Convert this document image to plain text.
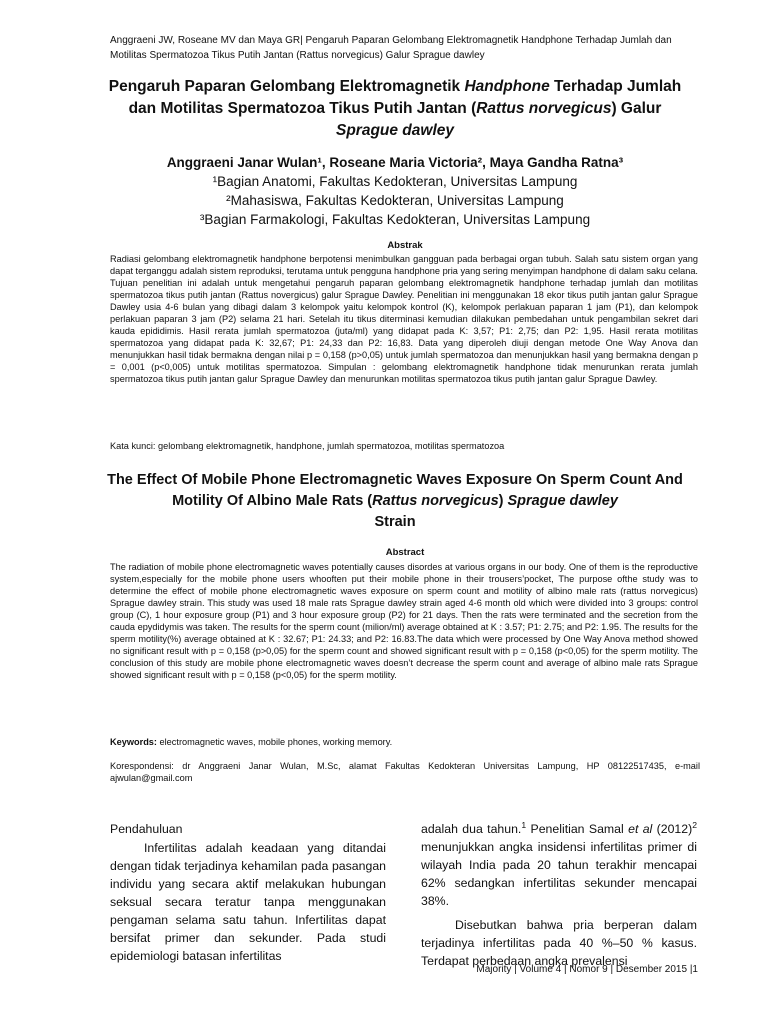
Anggraeni JW, Roseane MV dan Maya GR| Pengaruh Paparan Gelombang Elektromagnetik Handphone Terhadap Jumlah dan Motilitas Spermatozoa Tikus Putih Jantan (Rattus norvegicus) Galur Sprague dawley
Pengaruh Paparan Gelombang Elektromagnetik Handphone Terhadap Jumlah dan Motilitas Spermatozoa Tikus Putih Jantan (Rattus norvegicus) Galur
Sprague dawley
Anggraeni Janar Wulan¹, Roseane Maria Victoria², Maya Gandha Ratna³
¹Bagian Anatomi, Fakultas Kedokteran, Universitas Lampung
²Mahasiswa, Fakultas Kedokteran, Universitas Lampung
³Bagian Farmakologi, Fakultas Kedokteran, Universitas Lampung
Abstrak
Radiasi gelombang elektromagnetik handphone berpotensi menimbulkan gangguan pada berbagai organ tubuh. Salah satu sistem organ yang dapat terganggu adalah sistem reproduksi, terutama untuk pengguna handphone pria yang sering menyimpan handphone di dalam saku celana. Tujuan penelitian ini adalah untuk mengetahui pengaruh paparan gelombang elektromagnetik handphone terhadap jumlah dan motilitas spermatozoa tikus putih jantan (Rattus novergicus) galur Sprague Dawley. Penelitian ini menggunakan 18 ekor tikus putih jantan galur Sprague Dawley usia 4-6 bulan yang dibagi dalam 3 kelompok yaitu kelompok kontrol (K), kelompok perlakuan paparan 1 jam (P1), dan kelompok perlakuan paparan 3 jam (P2) selama 21 hari. Setelah itu tikus diterminasi kemudian dilakukan pembedahan untuk pengambilan sekret dari kauda epididimis. Hasil rerata jumlah spermatozoa (juta/ml) yang didapat pada K: 3,57; P1: 2,75; dan P2: 1,95. Hasil rerata motilitas spermatozoa yang didapat pada K: 32,67; P1: 24,33 dan P2: 16,83. Data yang diperoleh diuji dengan metode One Way Anova dan menunjukkan hasil tidak bermakna dengan nilai p = 0,158 (p>0,05) untuk jumlah spermatozoa dan menunjukkan hasil yang bermakna dengan p = 0,001 (p<0,005) untuk motilitas spermatozoa. Simpulan : gelombang elektromagnetik handphone tidak menurunkan rerata jumlah spermatozoa tikus putih jantan galur Sprague Dawley dan menurunkan motilitas spermatozoa tikus putih jantan galur Sprague Dawley.
Kata kunci: gelombang elektromagnetik, handphone, jumlah spermatozoa, motilitas spermatozoa
The Effect Of Mobile Phone Electromagnetic Waves Exposure On Sperm Count And Motility Of Albino Male Rats (Rattus norvegicus) Sprague dawley
Strain
Abstract
The radiation of mobile phone electromagnetic waves potentially causes disordes at various organs in our body. One of them is the reproductive system,especially for the mobile phone users whooften put their mobile phone in their trousers’pocket, The purpose ofthe study was to determine the effect of mobile phone electromagnetic waves exposure on sperm count and motility of albino male rats (rattus norvegicus) Sprague dawley strain. This study was used 18 male rats Sprague dawley strain aged 4-6 month old which were divided into 3 groups: control group (C), 1 hour exposure group (P1) and 3 hour exposure group (P2) for 21 days. Then the rats were terminated and the secretion from the cauda epydidymis was taken. The results for the sperm count (milion/ml) average obtained at K : 3.57; P1: 2.75; and P2: 1.95. The results for the sperm motility(%) average obtained at K : 32.67; P1: 24.33; and P2: 16.83.The data which were processed by One Way Anova method showed no significant result with p = 0,158 (p>0,05) for the sperm count and showed significant result with p = 0,158 (p<0,05) for the sperm motility. The conclusion of this study are mobile phone electromagnetic waves doesn’t decrease the sperm count and average of albino male rats Sprague showed significant result with p = 0,158 (p<0,05) for the sperm motility.
Keywords: electromagnetic waves, mobile phones, working memory.
Korespondensi: dr Anggraeni Janar Wulan, M.Sc, alamat Fakultas Kedokteran Universitas Lampung, HP 08122517435, e-mail ajwulan@gmail.com

Pendahuluan

Infertilitas adalah keadaan yang ditandai dengan tidak terjadinya kehamilan pada pasangan individu yang secara aktif melakukan hubungan seksual secara teratur tanpa menggunakan pengaman selama satu tahun. Infertilitas dapat bersifat primer dan sekunder. Pada studi epidemiologi batasan infertilitas

adalah dua tahun.$^1$ Penelitian Samal et al $(2012)^2$ menunjukkan angka insidensi infertilitas primer di wilayah India pada 20 tahun terakhir mencapai 62% sedangkan infertilitas sekunder mencapai 38%.

Disebutkan bahwa pria berperan dalam terjadinya infertilitas pada 40 %–50 % kasus. Terdapat perbedaan angka prevalensi

Majority | Volume 4 | Nomor 9 | Desember 2015 |1
